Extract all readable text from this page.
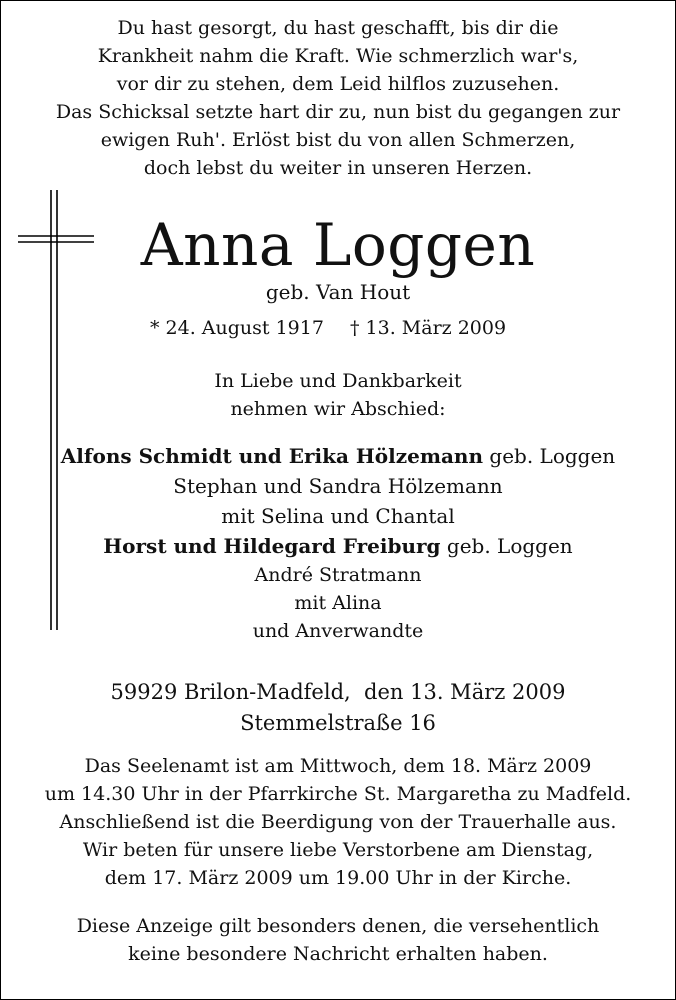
Du hast gesorgt, du hast geschafft, bis dir die
Krankheit nahm die Kraft. Wie schmerzlich war's,
vor dir zu stehen, dem Leid hilflos zuzusehen.
Das Schicksal setzte hart dir zu, nun bist du gegangen zur
ewigen Ruh'. Erlöst bist du von allen Schmerzen,
doch lebst du weiter in unseren Herzen.
Anna Loggen
geb. Van Hout
* 24. August 1917 † 13. März 2009
In Liebe und Dankbarkeit
nehmen wir Abschied:
Alfons Schmidt und Erika Hölzemann geb. Loggen
Stephan und Sandra Hölzemann
mit Selina und Chantal
Horst und Hildegard Freiburg geb. Loggen
André Stratmann
mit Alina
und Anverwandte
59929 Brilon-Madfeld,  den 13. März 2009
Stemmelstraße 16
Das Seelenamt ist am Mittwoch, dem 18. März 2009
um 14.30 Uhr in der Pfarrkirche St. Margaretha zu Madfeld.
Anschließend ist die Beerdigung von der Trauerhalle aus.
Wir beten für unsere liebe Verstorbene am Dienstag,
dem 17. März 2009 um 19.00 Uhr in der Kirche.
Diese Anzeige gilt besonders denen, die versehentlich
keine besondere Nachricht erhalten haben.
